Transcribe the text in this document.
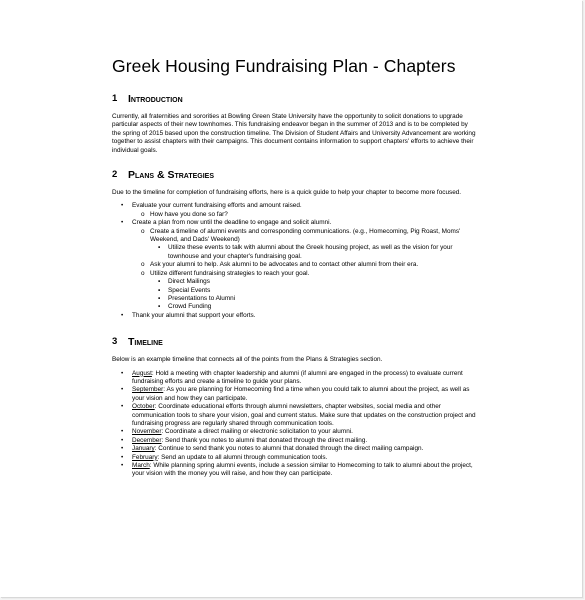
Greek Housing Fundraising Plan - Chapters
1	Introduction

Currently, all fraternities and sororities at Bowling Green State University have the opportunity to solicit donations to upgrade particular aspects of their new townhomes. This fundraising endeavor began in the summer of 2013 and is to be completed by the spring of 2015 based upon the construction timeline. The Division of Student Affairs and University Advancement are working together to assist chapters with their campaigns. This document contains information to support chapters' efforts to achieve their individual goals.

2	Plans & Strategies

Due to the timeline for completion of fundraising efforts, here is a quick guide to help your chapter to become more focused.

• Evaluate your current fundraising efforts and amount raised.
o How have you done so far?
• Create a plan from now until the deadline to engage and solicit alumni.
o Create a timeline of alumni events and corresponding communications. (e.g., Homecoming, Pig Roast, Moms' Weekend, and Dads' Weekend)
▪ Utilize these events to talk with alumni about the Greek housing project, as well as the vision for your townhouse and your chapter's fundraising goal.
o Ask your alumni to help. Ask alumni to be advocates and to contact other alumni from their era.
o Utilize different fundraising strategies to reach your goal.
▪ Direct Mailings
▪ Special Events
▪ Presentations to Alumni
▪ Crowd Funding
• Thank your alumni that support your efforts.
3	Timeline

Below is an example timeline that connects all of the points from the Plans & Strategies section.

• August: Hold a meeting with chapter leadership and alumni (if alumni are engaged in the process) to evaluate current fundraising efforts and create a timeline to guide your plans.
• September: As you are planning for Homecoming find a time when you could talk to alumni about the project, as well as your vision and how they can participate.
• October: Coordinate educational efforts through alumni newsletters, chapter websites, social media and other communication tools to share your vision, goal and current status. Make sure that updates on the construction project and fundraising progress are regularly shared through communication tools.
• November: Coordinate a direct mailing or electronic solicitation to your alumni.
• December: Send thank you notes to alumni that donated through the direct mailing.
• January: Continue to send thank you notes to alumni that donated through the direct mailing campaign.
• February: Send an update to all alumni through communication tools.
• March: While planning spring alumni events, include a session similar to Homecoming to talk to alumni about the project, your vision with the money you will raise, and how they can participate.
